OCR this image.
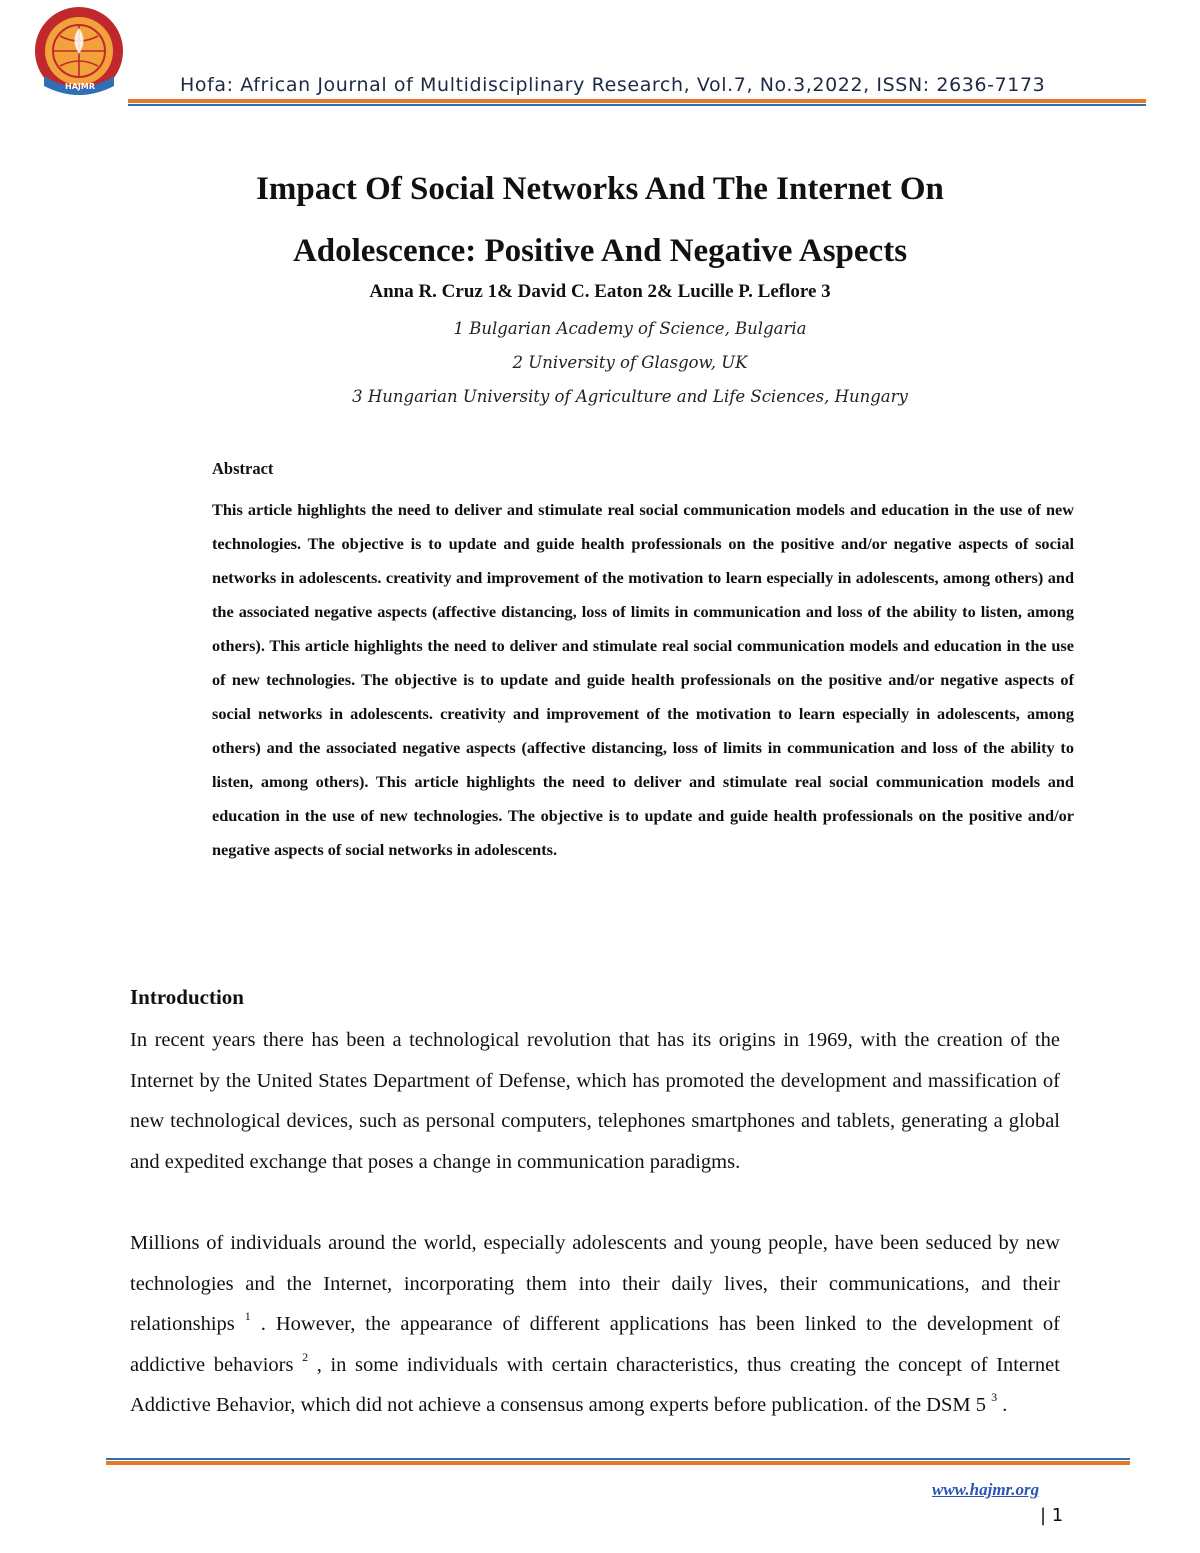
HAJMR	Hofa: African Journal of Multidisciplinary Research, Vol.7, No.3,2022, ISSN: 2636-7173
Impact Of Social Networks And The Internet On
Adolescence: Positive And Negative Aspects
Anna R. Cruz 1& David C. Eaton 2& Lucille P. Leflore 3
1 Bulgarian Academy of Science, Bulgaria
2 University of Glasgow, UK
3 Hungarian University of Agriculture and Life Sciences, Hungary
Abstract

This article highlights the need to deliver and stimulate real social communication models and education in the use of new technologies. The objective is to update and guide health professionals on the positive and/or negative aspects of social networks in adolescents. creativity and improvement of the motivation to learn especially in adolescents, among others) and the associated negative aspects (affective distancing, loss of limits in communication and loss of the ability to listen, among others). This article highlights the need to deliver and stimulate real social communication models and education in the use of new technologies. The objective is to update and guide health professionals on the positive and/or negative aspects of social networks in adolescents. creativity and improvement of the motivation to learn especially in adolescents, among others) and the associated negative aspects (affective distancing, loss of limits in communication and loss of the ability to listen, among others). This article highlights the need to deliver and stimulate real social communication models and education in the use of new technologies. The objective is to update and guide health professionals on the positive and/or negative aspects of social networks in adolescents.

Introduction

In recent years there has been a technological revolution that has its origins in 1969, with the creation of the Internet by the United States Department of Defense, which has promoted the development and massification of new technological devices, such as personal computers, telephones smartphones and tablets, generating a global and expedited exchange that poses a change in communication paradigms.

Millions of individuals around the world, especially adolescents and young people, have been seduced by new technologies and the Internet, incorporating them into their daily lives, their communications, and their relationships $^1$ . However, the appearance of different applications has been linked to the development of addictive behaviors $^2$ , in some individuals with certain characteristics, thus creating the concept of Internet Addictive Behavior, which did not achieve a consensus among experts before publication. of the DSM 5 $^3$ .

www.hajmr.org
| 1
